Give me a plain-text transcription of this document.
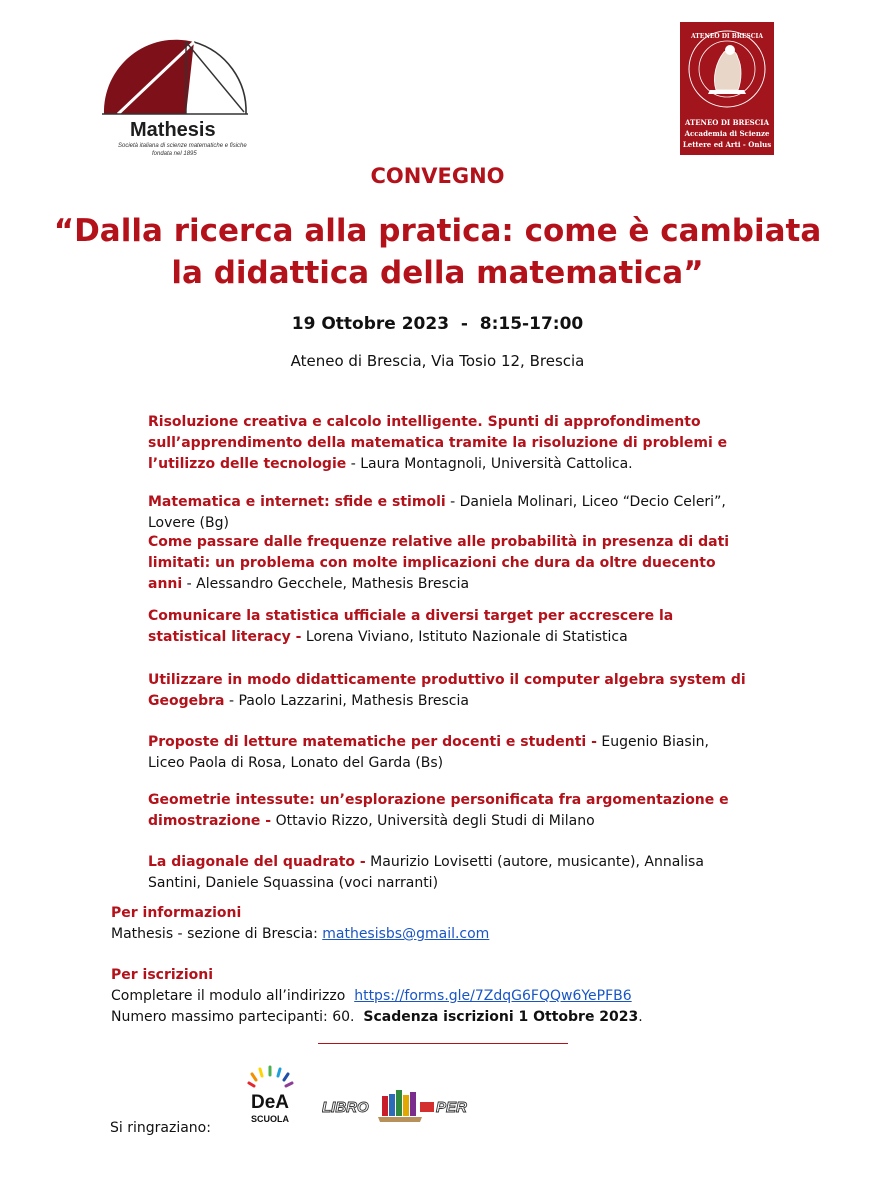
Mathesis
Società italiana di scienze matematiche e fisiche
fondata nel 1895
ATENEO DI BRESCIA
ATENEO DI BRESCIA
Accademia di Scienze
Lettere ed Arti - Onlus
CONVEGNO
“Dalla ricerca alla pratica: come è cambiata
la didattica della matematica”
19 Ottobre 2023  -  8:15-17:00
Ateneo di Brescia, Via Tosio 12, Brescia
Risoluzione creativa e calcolo intelligente. Spunti di approfondimento sull’apprendimento della matematica tramite la risoluzione di problemi e l’utilizzo delle tecnologie - Laura Montagnoli, Università Cattolica.
Matematica e internet: sfide e stimoli - Daniela Molinari, Liceo “Decio Celeri”, Lovere (Bg)
Come passare dalle frequenze relative alle probabilità in presenza di dati limitati: un problema con molte implicazioni che dura da oltre duecento anni - Alessandro Gecchele, Mathesis Brescia
Comunicare la statistica ufficiale a diversi target per accrescere la statistical literacy - Lorena Viviano, Istituto Nazionale di Statistica
Utilizzare in modo didatticamente produttivo il computer algebra system di Geogebra - Paolo Lazzarini, Mathesis Brescia
Proposte di letture matematiche per docenti e studenti - Eugenio Biasin, Liceo Paola di Rosa, Lonato del Garda (Bs)
Geometrie intessute: un’esplorazione personificata fra argomentazione e dimostrazione - Ottavio Rizzo, Università degli Studi di Milano
La diagonale del quadrato - Maurizio Lovisetti (autore, musicante), Annalisa Santini, Daniele Squassina (voci narranti)
Per informazioni
Mathesis - sezione di Brescia: mathesisbs@gmail.com
Per iscrizioni
Completare il modulo all’indirizzo  https://forms.gle/7ZdqG6FQQw6YePFB6
Numero massimo partecipanti: 60.  Scadenza iscrizioni 1 Ottobre 2023.
Si ringraziano:
DeA
SCUOLA
LIBRO	PER
